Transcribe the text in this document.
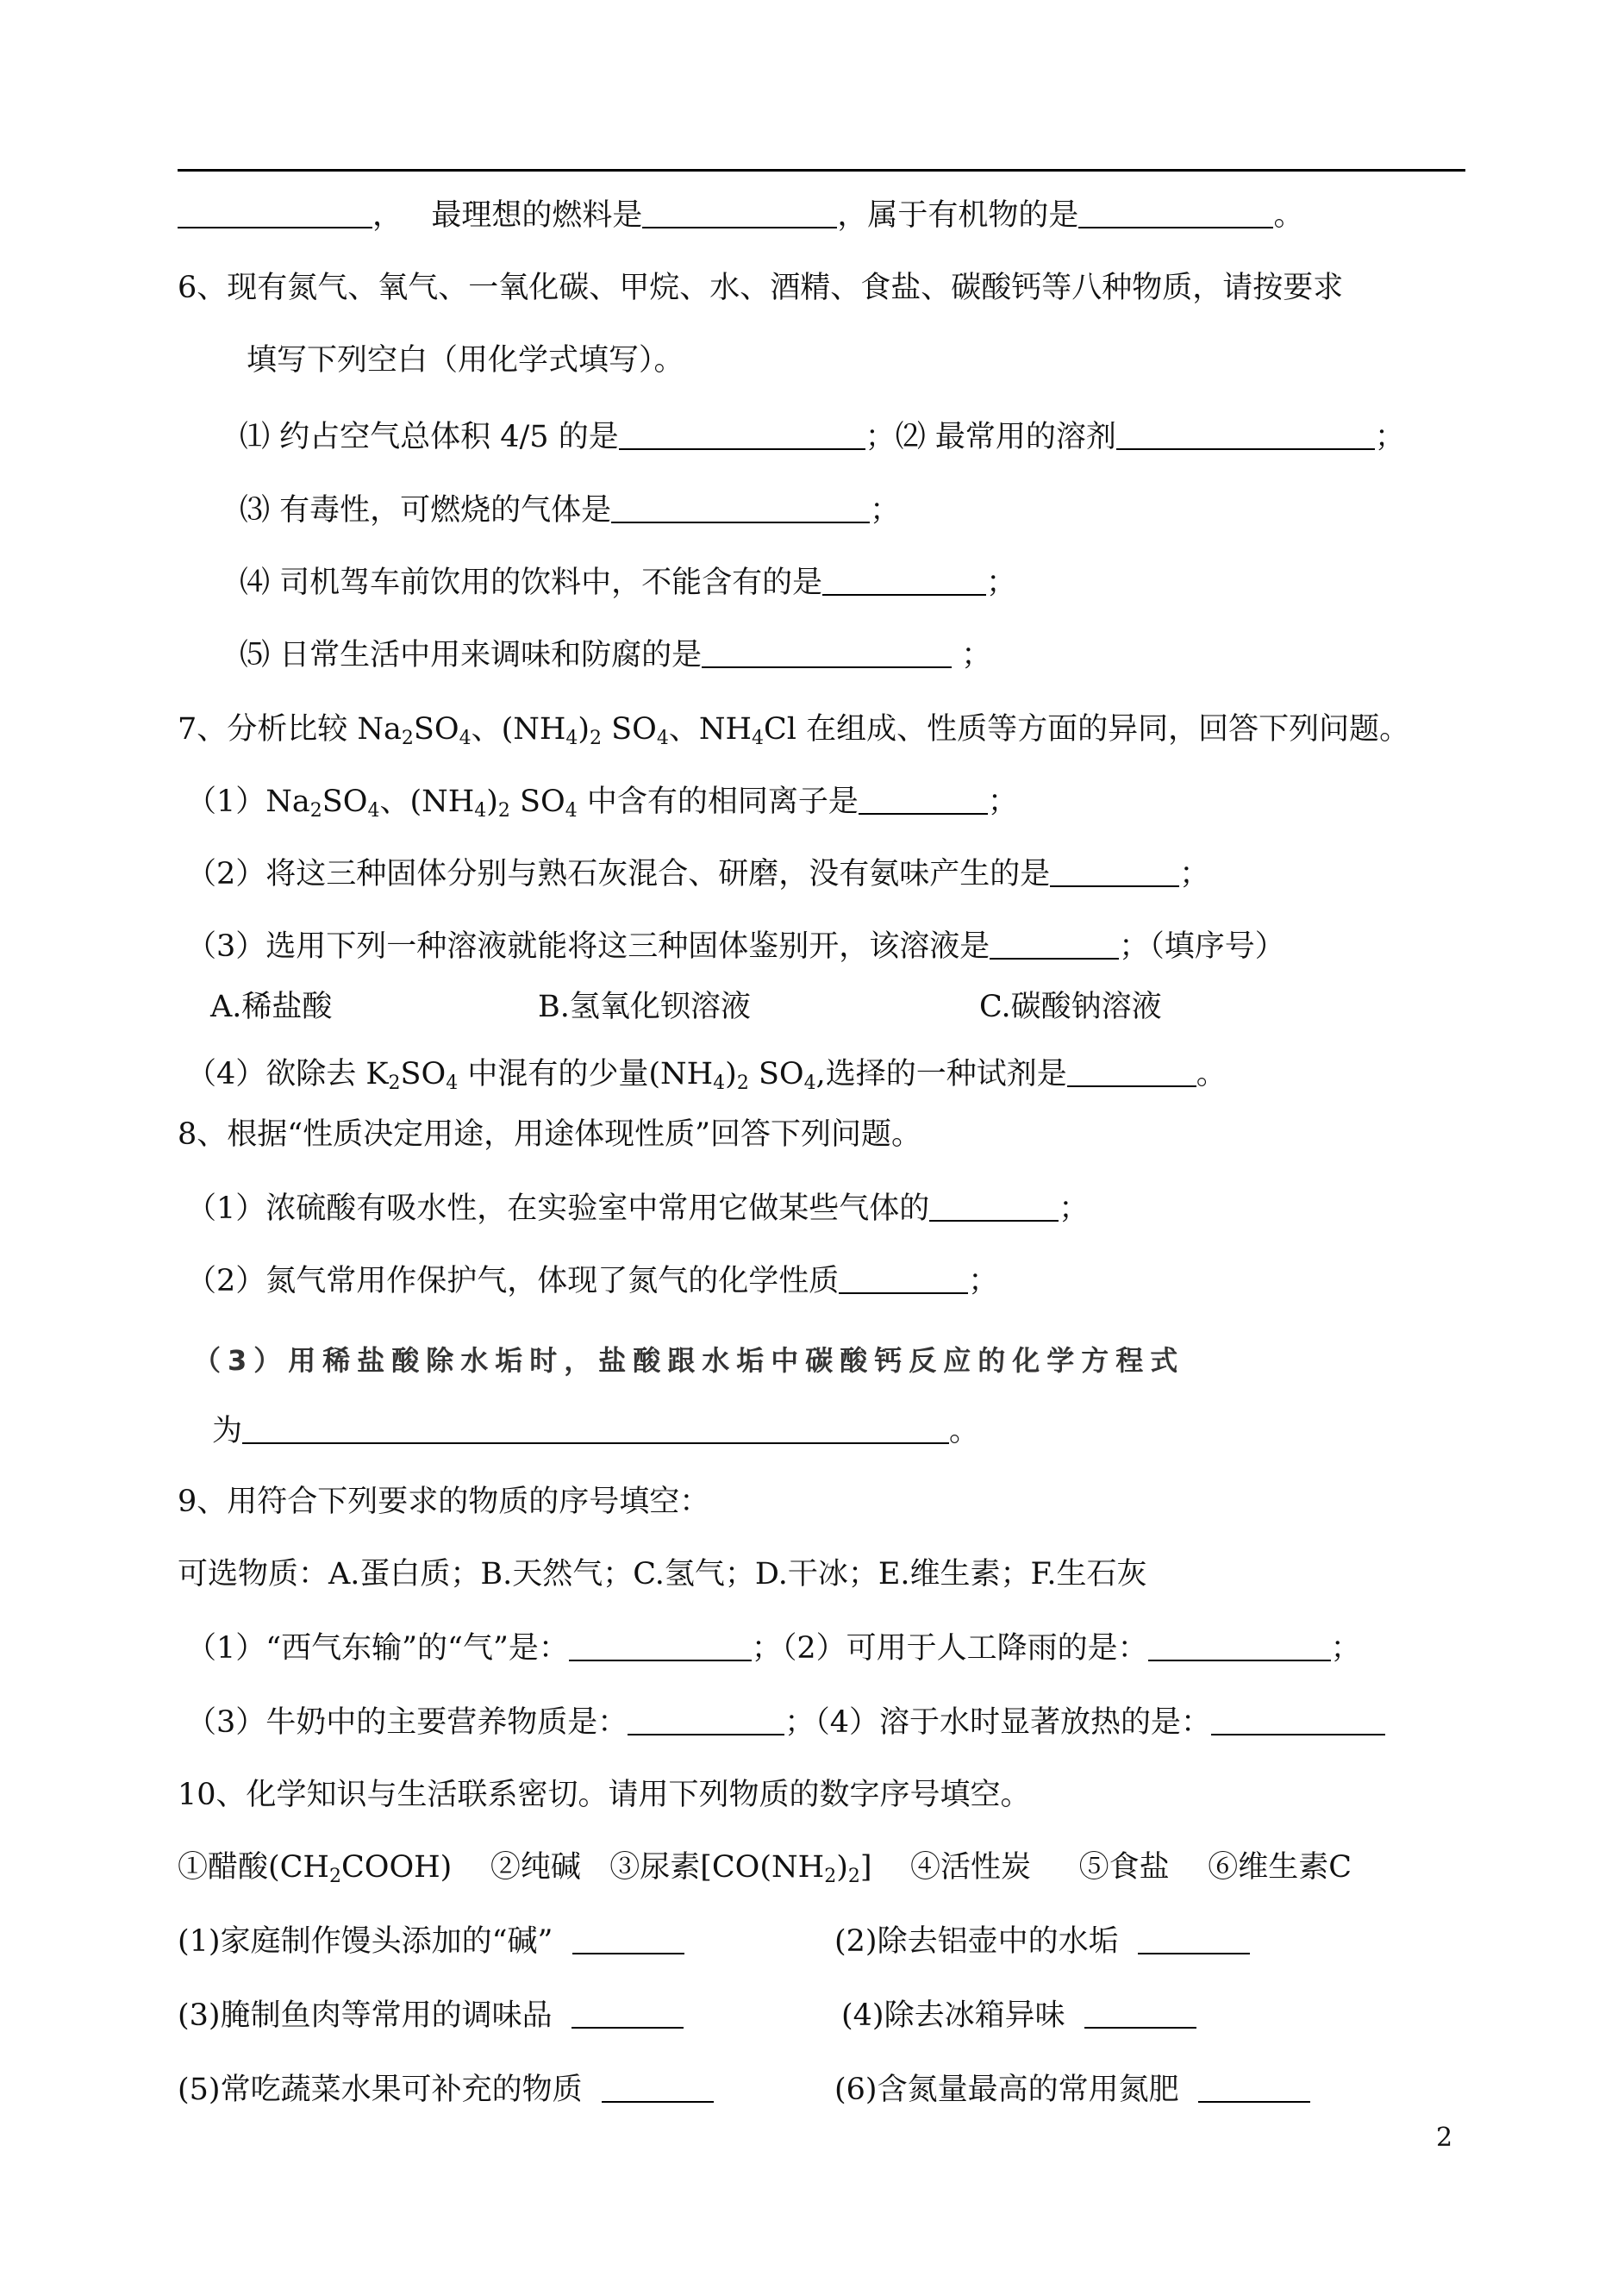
， 最理想的燃料是	，属于有机物的是	。
6、现有氮气、氧气、一氧化碳、甲烷、水、酒精、食盐、碳酸钙等八种物质，请按要求
填写下列空白（用化学式填写）。
⑴ 约占空气总体积 4/5 的是	；⑵ 最常用的溶剂	；
⑶ 有毒性，可燃烧的气体是	；
⑷ 司机驾车前饮用的饮料中，不能含有的是	；
⑸ 日常生活中用来调味和防腐的是	；
7、分析比较 $Na_2SO_4$、$(NH_4)_2$ $SO_4$、$NH_4Cl$ 在组成、性质等方面的异同，回答下列问题。
$(1)Na_2SO_4$、$(NH_4)_2$ $SO_4$ 中含有的相同离子是	；
（2）将这三种固体分别与熟石灰混合、研磨，没有氨味产生的是	；
（3）选用下列一种溶液就能将这三种固体鉴别开，该溶液是	；（填序号）
A.稀盐酸	B.氢氧化钡溶液	C.碳酸钠溶液
（4）欲除去 $K_2SO_4$ 中混有的少量$(NH_4)_2$ $SO_4$,选择的一种试剂是	。
8、根据“性质决定用途，用途体现性质”回答下列问题。
（1）浓硫酸有吸水性，在实验室中常用它做某些气体的	；
（2）氮气常用作保护气，体现了氮气的化学性质	；
（3）用稀盐酸除水垢时，盐酸跟水垢中碳酸钙反应的化学方程式
为	。
9、用符合下列要求的物质的序号填空：
可选物质：A.蛋白质；B.天然气；C.氢气；D.干冰；E.维生素；F.生石灰
（1）“西气东输”的“气”是：	；（2）可用于人工降雨的是：	；
（3）牛奶中的主要营养物质是：	；（4）溶于水时显著放热的是：
10、化学知识与生活联系密切。请用下列物质的数字序号填空。
①醋酸$(CH_2COOH)$ ②纯碱 ③尿素$[CO(NH_2)_2]$ ④活性炭 ⑤食盐 ⑥维生素C
(1)家庭制作馒头添加的“碱”	(2)除去铝壶中的水垢
(3)腌制鱼肉等常用的调味品	(4)除去冰箱异味
(5)常吃蔬菜水果可补充的物质	(6)含氮量最高的常用氮肥
2
